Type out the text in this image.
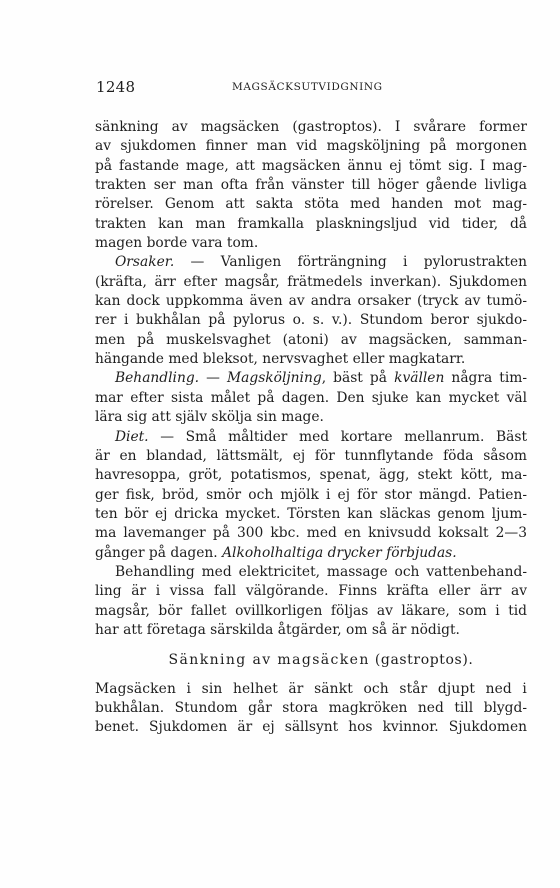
1248	MAGSÄCKSUTVIDGNING
sänkning av magsäcken (gastroptos). I svårare former
av sjukdomen finner man vid magsköljning på morgonen
på fastande mage, att magsäcken ännu ej tömt sig. I mag-
trakten ser man ofta från vänster till höger gående livliga
rörelser. Genom att sakta stöta med handen mot mag-
trakten kan man framkalla plaskningsljud vid tider, då
magen borde vara tom.
Orsaker. — Vanligen förträngning i pylorustrakten
(kräfta, ärr efter magsår, frätmedels inverkan). Sjukdomen
kan dock uppkomma även av andra orsaker (tryck av tumö-
rer i bukhålan på pylorus o. s. v.). Stundom beror sjukdo-
men på muskelsvaghet (atoni) av magsäcken, samman-
hängande med bleksot, nervsvaghet eller magkatarr.
Behandling. — Magsköljning, bäst på kvällen några tim-
mar efter sista målet på dagen. Den sjuke kan mycket väl
lära sig att själv skölja sin mage.
Diet. — Små måltider med kortare mellanrum. Bäst
är en blandad, lättsmält, ej för tunnflytande föda såsom
havresoppa, gröt, potatismos, spenat, ägg, stekt kött, ma-
ger fisk, bröd, smör och mjölk i ej för stor mängd. Patien-
ten bör ej dricka mycket. Törsten kan släckas genom ljum-
ma lavemanger på 300 kbc. med en knivsudd koksalt 2—3
gånger på dagen. Alkoholhaltiga drycker förbjudas.
Behandling med elektricitet, massage och vattenbehand-
ling är i vissa fall välgörande. Finns kräfta eller ärr av
magsår, bör fallet ovillkorligen följas av läkare, som i tid
har att företaga särskilda åtgärder, om så är nödigt.
Sänkning av magsäcken (gastroptos).
Magsäcken i sin helhet är sänkt och står djupt ned i
bukhålan. Stundom går stora magkröken ned till blygd-
benet. Sjukdomen är ej sällsynt hos kvinnor. Sjukdomen
